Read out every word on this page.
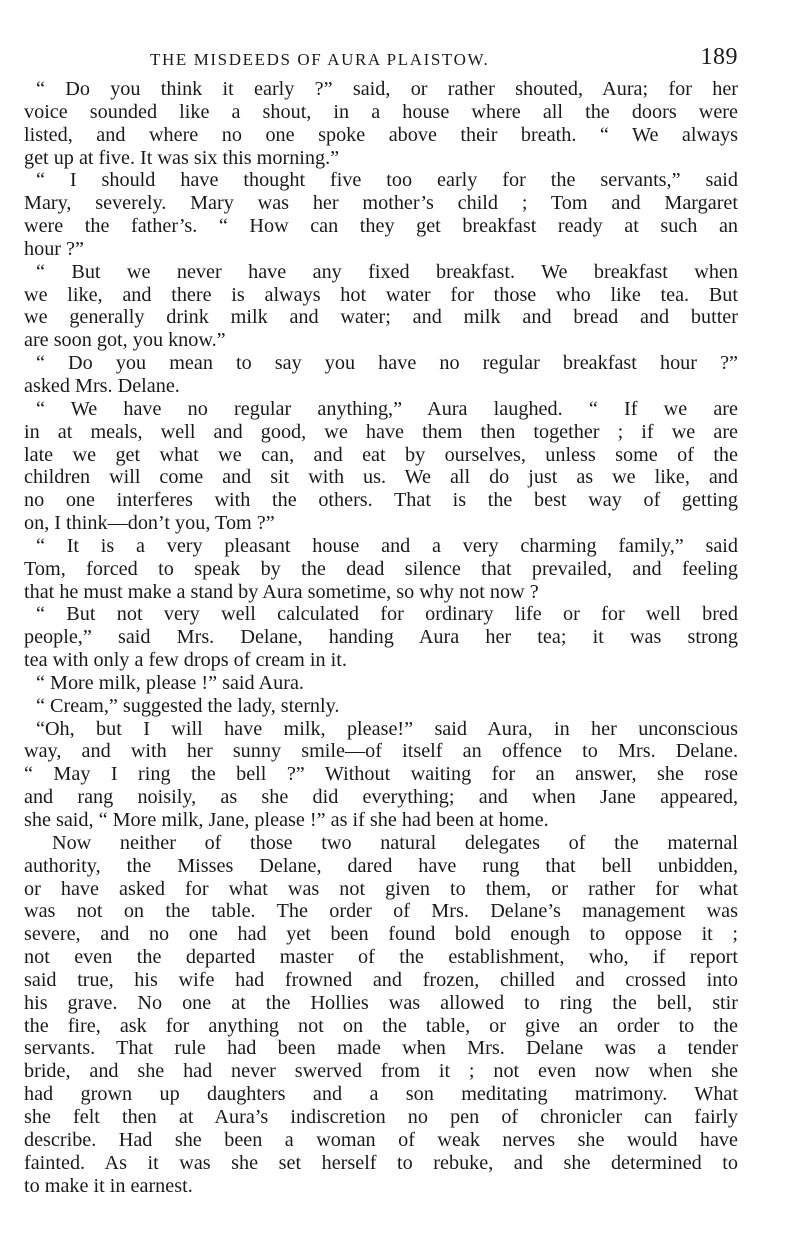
THE MISDEEDS OF AURA PLAISTOW.	189
“ Do you think it early ?” said, or rather shouted, Aura; for her
voice sounded like a shout, in a house where all the doors were
listed, and where no one spoke above their breath. “ We always
get up at five. It was six this morning.”
“ I should have thought five too early for the servants,” said
Mary, severely. Mary was her mother’s child ; Tom and Margaret
were the father’s. “ How can they get breakfast ready at such an
hour ?”
“ But we never have any fixed breakfast. We breakfast when
we like, and there is always hot water for those who like tea. But
we generally drink milk and water; and milk and bread and butter
are soon got, you know.”
“ Do you mean to say you have no regular breakfast hour ?”
asked Mrs. Delane.
“ We have no regular anything,” Aura laughed. “ If we are
in at meals, well and good, we have them then together ; if we are
late we get what we can, and eat by ourselves, unless some of the
children will come and sit with us. We all do just as we like, and
no one interferes with the others. That is the best way of getting
on, I think—don’t you, Tom ?”
“ It is a very pleasant house and a very charming family,” said
Tom, forced to speak by the dead silence that prevailed, and feeling
that he must make a stand by Aura sometime, so why not now ?
“ But not very well calculated for ordinary life or for well bred
people,” said Mrs. Delane, handing Aura her tea; it was strong
tea with only a few drops of cream in it.
“ More milk, please !” said Aura.
“ Cream,” suggested the lady, sternly.
“Oh, but I will have milk, please!” said Aura, in her unconscious
way, and with her sunny smile—of itself an offence to Mrs. Delane.
“ May I ring the bell ?” Without waiting for an answer, she rose
and rang noisily, as she did everything; and when Jane appeared,
she said, “ More milk, Jane, please !” as if she had been at home.
Now neither of those two natural delegates of the maternal
authority, the Misses Delane, dared have rung that bell unbidden,
or have asked for what was not given to them, or rather for what
was not on the table. The order of Mrs. Delane’s management was
severe, and no one had yet been found bold enough to oppose it ;
not even the departed master of the establishment, who, if report
said true, his wife had frowned and frozen, chilled and crossed into
his grave. No one at the Hollies was allowed to ring the bell, stir
the fire, ask for anything not on the table, or give an order to the
servants. That rule had been made when Mrs. Delane was a tender
bride, and she had never swerved from it ; not even now when she
had grown up daughters and a son meditating matrimony. What
she felt then at Aura’s indiscretion no pen of chronicler can fairly
describe. Had she been a woman of weak nerves she would have
fainted. As it was she set herself to rebuke, and she determined to
to make it in earnest.
